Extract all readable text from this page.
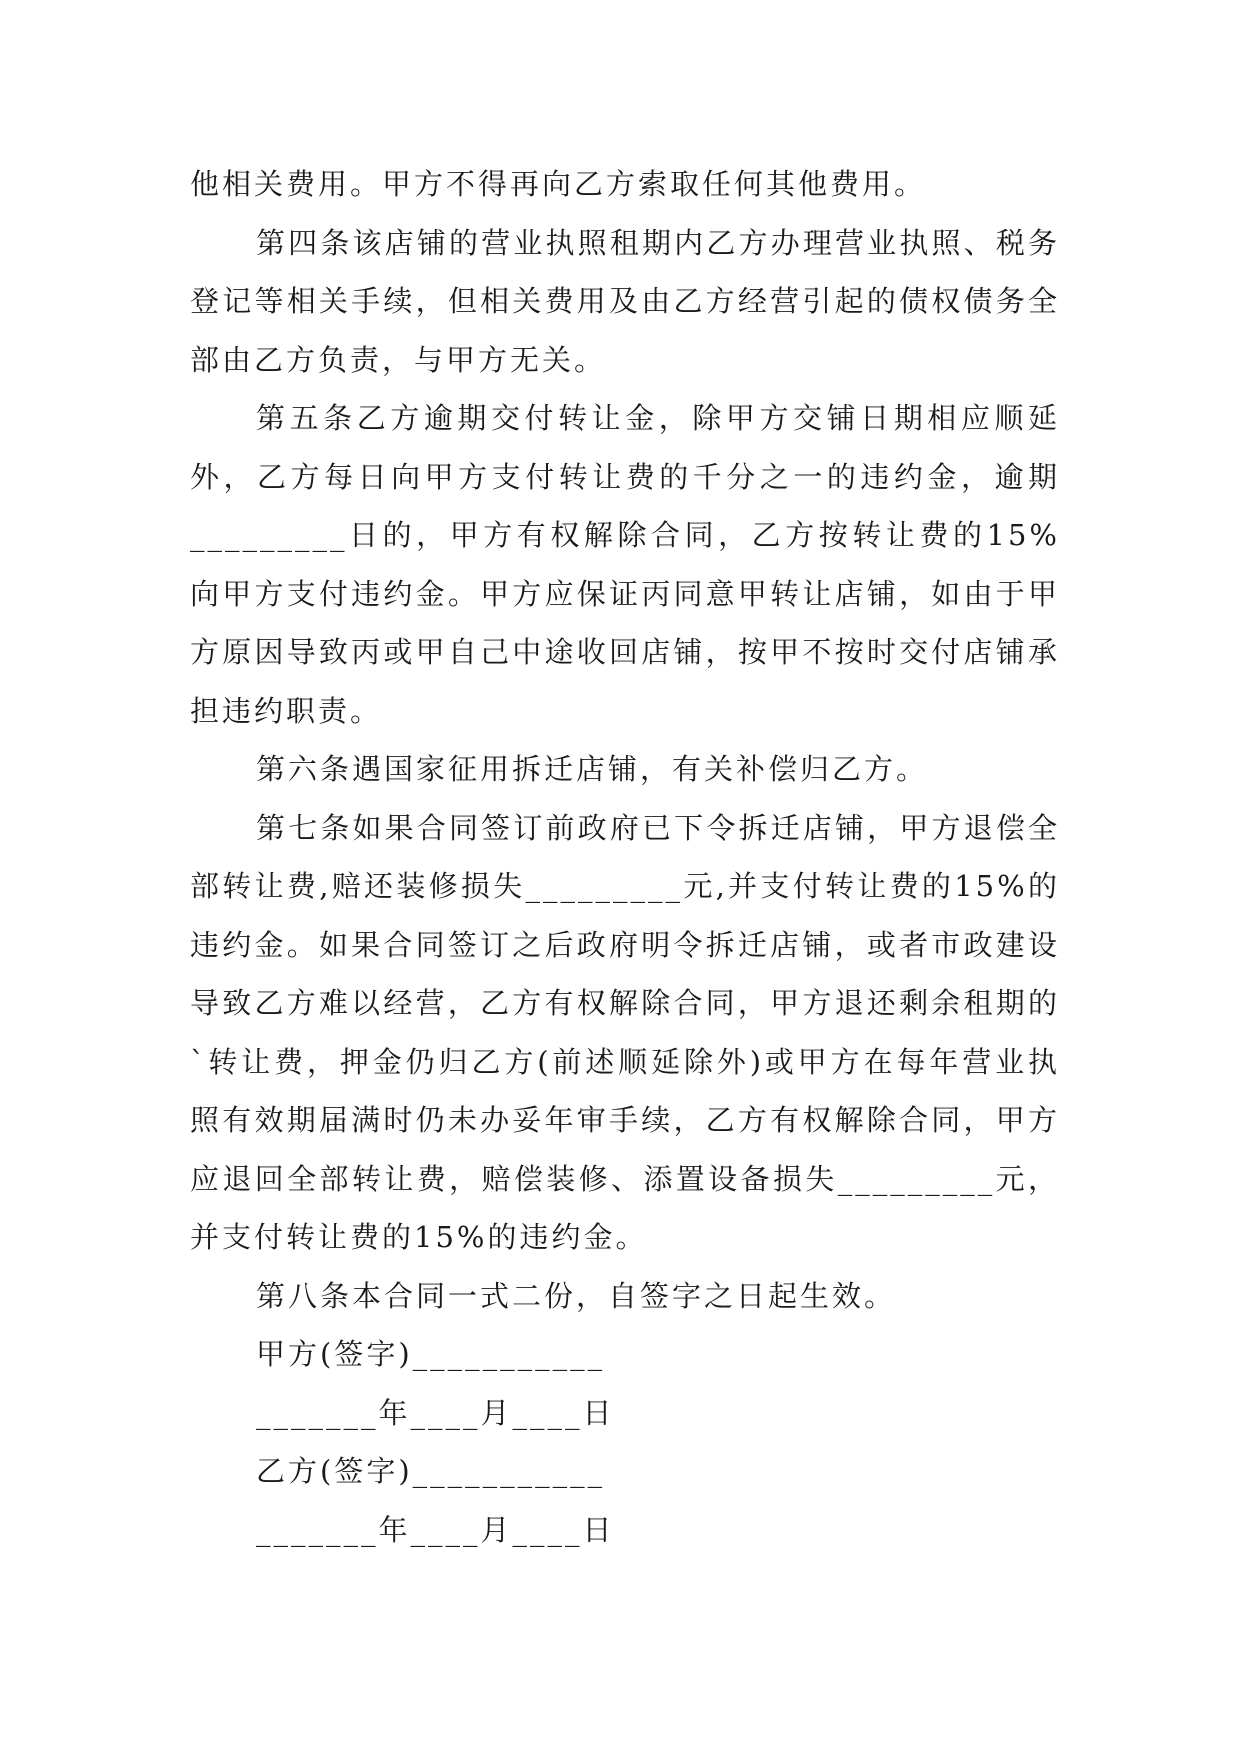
他相关费用。甲方不得再向乙方索取任何其他费用。

第四条该店铺的营业执照租期内乙方办理营业执照、税务登记等相关手续，但相关费用及由乙方经营引起的债权债务全部由乙方负责，与甲方无关。

第五条乙方逾期交付转让金，除甲方交铺日期相应顺延外，乙方每日向甲方支付转让费的千分之一的违约金，逾期_________日的，甲方有权解除合同，乙方按转让费的15%向甲方支付违约金。甲方应保证丙同意甲转让店铺，如由于甲方原因导致丙或甲自己中途收回店铺，按甲不按时交付店铺承担违约职责。

第六条遇国家征用拆迁店铺，有关补偿归乙方。

第七条如果合同签订前政府已下令拆迁店铺，甲方退偿全部转让费,赔还装修损失_________元,并支付转让费的15%的违约金。如果合同签订之后政府明令拆迁店铺，或者市政建设导致乙方难以经营，乙方有权解除合同，甲方退还剩余租期的`转让费，押金仍归乙方(前述顺延除外)或甲方在每年营业执照有效期届满时仍未办妥年审手续，乙方有权解除合同，甲方应退回全部转让费，赔偿装修、添置设备损失_________元，并支付转让费的15%的违约金。

第八条本合同一式二份，自签字之日起生效。

甲方(签字)___________

_______年____月____日

乙方(签字)___________

_______年____月____日
